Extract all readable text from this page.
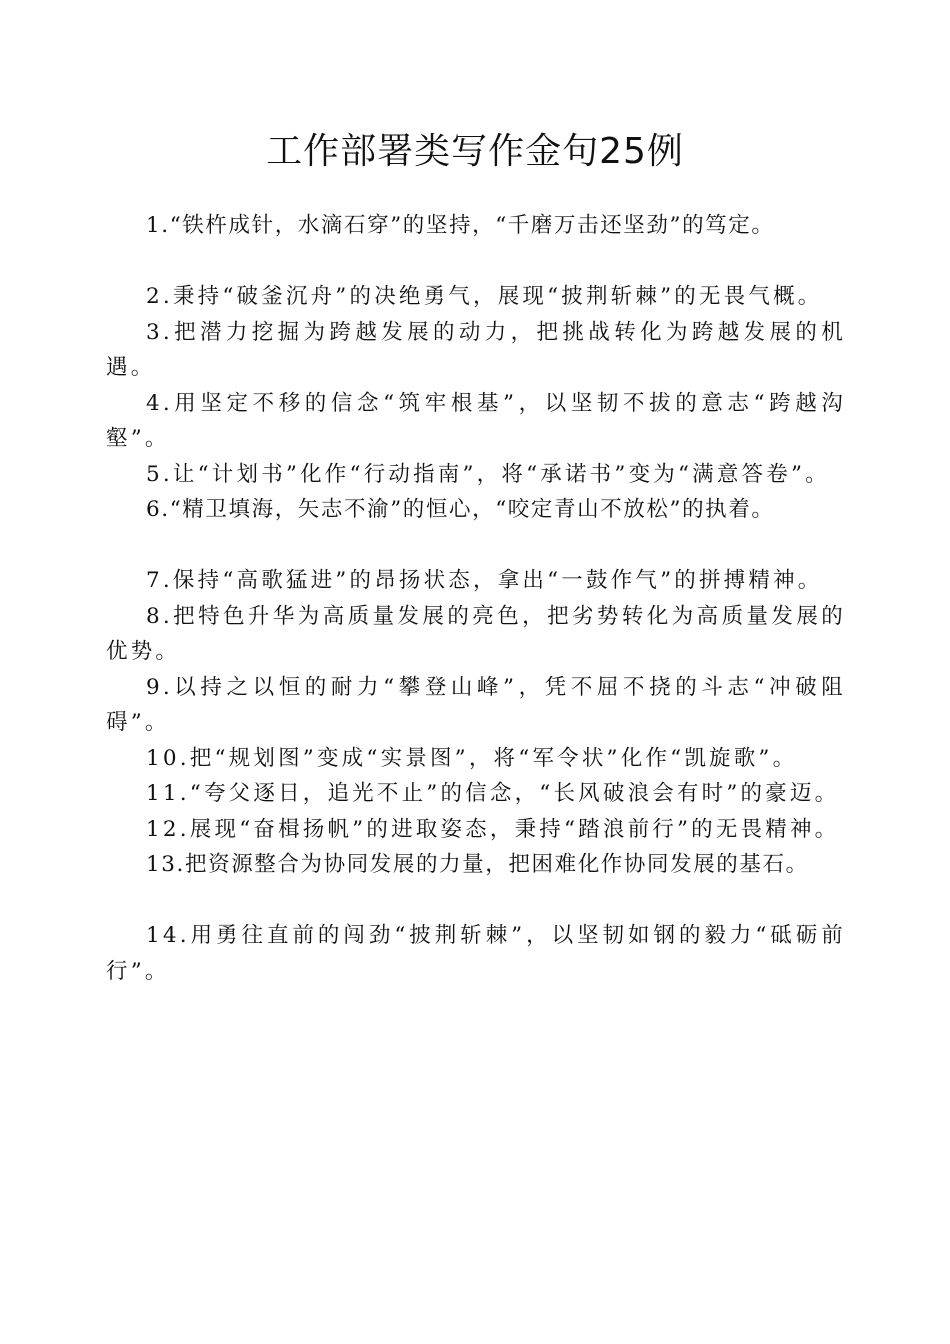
工作部署类写作金句25例

1.“铁杵成针，水滴石穿”的坚持，“千磨万击还坚劲”的笃定。

2.秉持“破釜沉舟”的决绝勇气，展现“披荆斩棘”的无畏气概。

3.把潜力挖掘为跨越发展的动力，把挑战转化为跨越发展的机遇。

4.用坚定不移的信念“筑牢根基”，以坚韧不拔的意志“跨越沟壑”。

5.让“计划书”化作“行动指南”，将“承诺书”变为“满意答卷”。

6.“精卫填海，矢志不渝”的恒心，“咬定青山不放松”的执着。

7.保持“高歌猛进”的昂扬状态，拿出“一鼓作气”的拼搏精神。

8.把特色升华为高质量发展的亮色，把劣势转化为高质量发展的优势。

9.以持之以恒的耐力“攀登山峰”，凭不屈不挠的斗志“冲破阻碍”。

10.把“规划图”变成“实景图”，将“军令状”化作“凯旋歌”。

11.“夸父逐日，追光不止”的信念，“长风破浪会有时”的豪迈。

12.展现“奋楫扬帆”的进取姿态，秉持“踏浪前行”的无畏精神。

13.把资源整合为协同发展的力量，把困难化作协同发展的基石。

14.用勇往直前的闯劲“披荆斩棘”，以坚韧如钢的毅力“砥砺前行”。
